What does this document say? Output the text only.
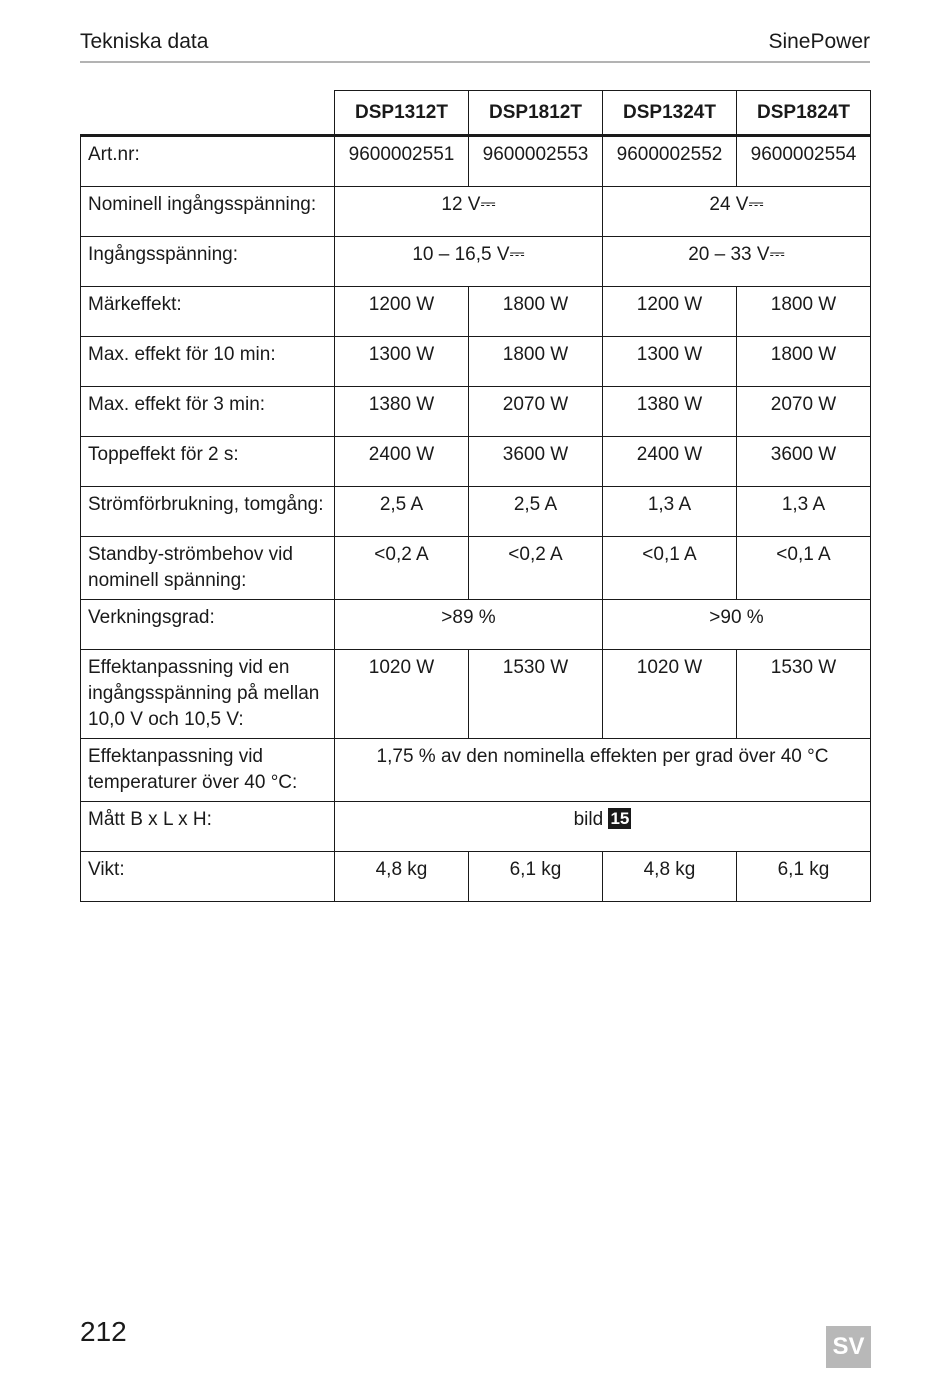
Tekniska data	SinePower
	DSP1312T	DSP1812T	DSP1324T	DSP1824T
Art.nr:	9600002551	9600002553	9600002552	9600002554
Nominell ingångsspänning:	12 V⎓		24 V⎓	
Ingångsspänning:	10 – 16,5 V⎓		20 – 33 V⎓	
Märkeffekt:	1200 W	1800 W	1200 W	1800 W
Max. effekt för 10 min:	1300 W	1800 W	1300 W	1800 W
Max. effekt för 3 min:	1380 W	2070 W	1380 W	2070 W
Toppeffekt för 2 s:	2400 W	3600 W	2400 W	3600 W
Strömförbrukning, tomgång:	2,5 A	2,5 A	1,3 A	1,3 A
Standby-strömbehov vid nominell spänning:	<0,2 A	<0,2 A	<0,1 A	<0,1 A
Verkningsgrad:	>89 %		>90 %	
Effektanpassning vid en ingångsspänning på mellan 10,0 V och 10,5 V:	1020 W	1530 W	1020 W	1530 W
Effektanpassning vid temperaturer över 40 °C:	1,75 % av den nominella effekten per grad över 40 °C			
Mått B x L x H:	bild 15			
Vikt:	4,8 kg	6,1 kg	4,8 kg	6,1 kg
212	SV
